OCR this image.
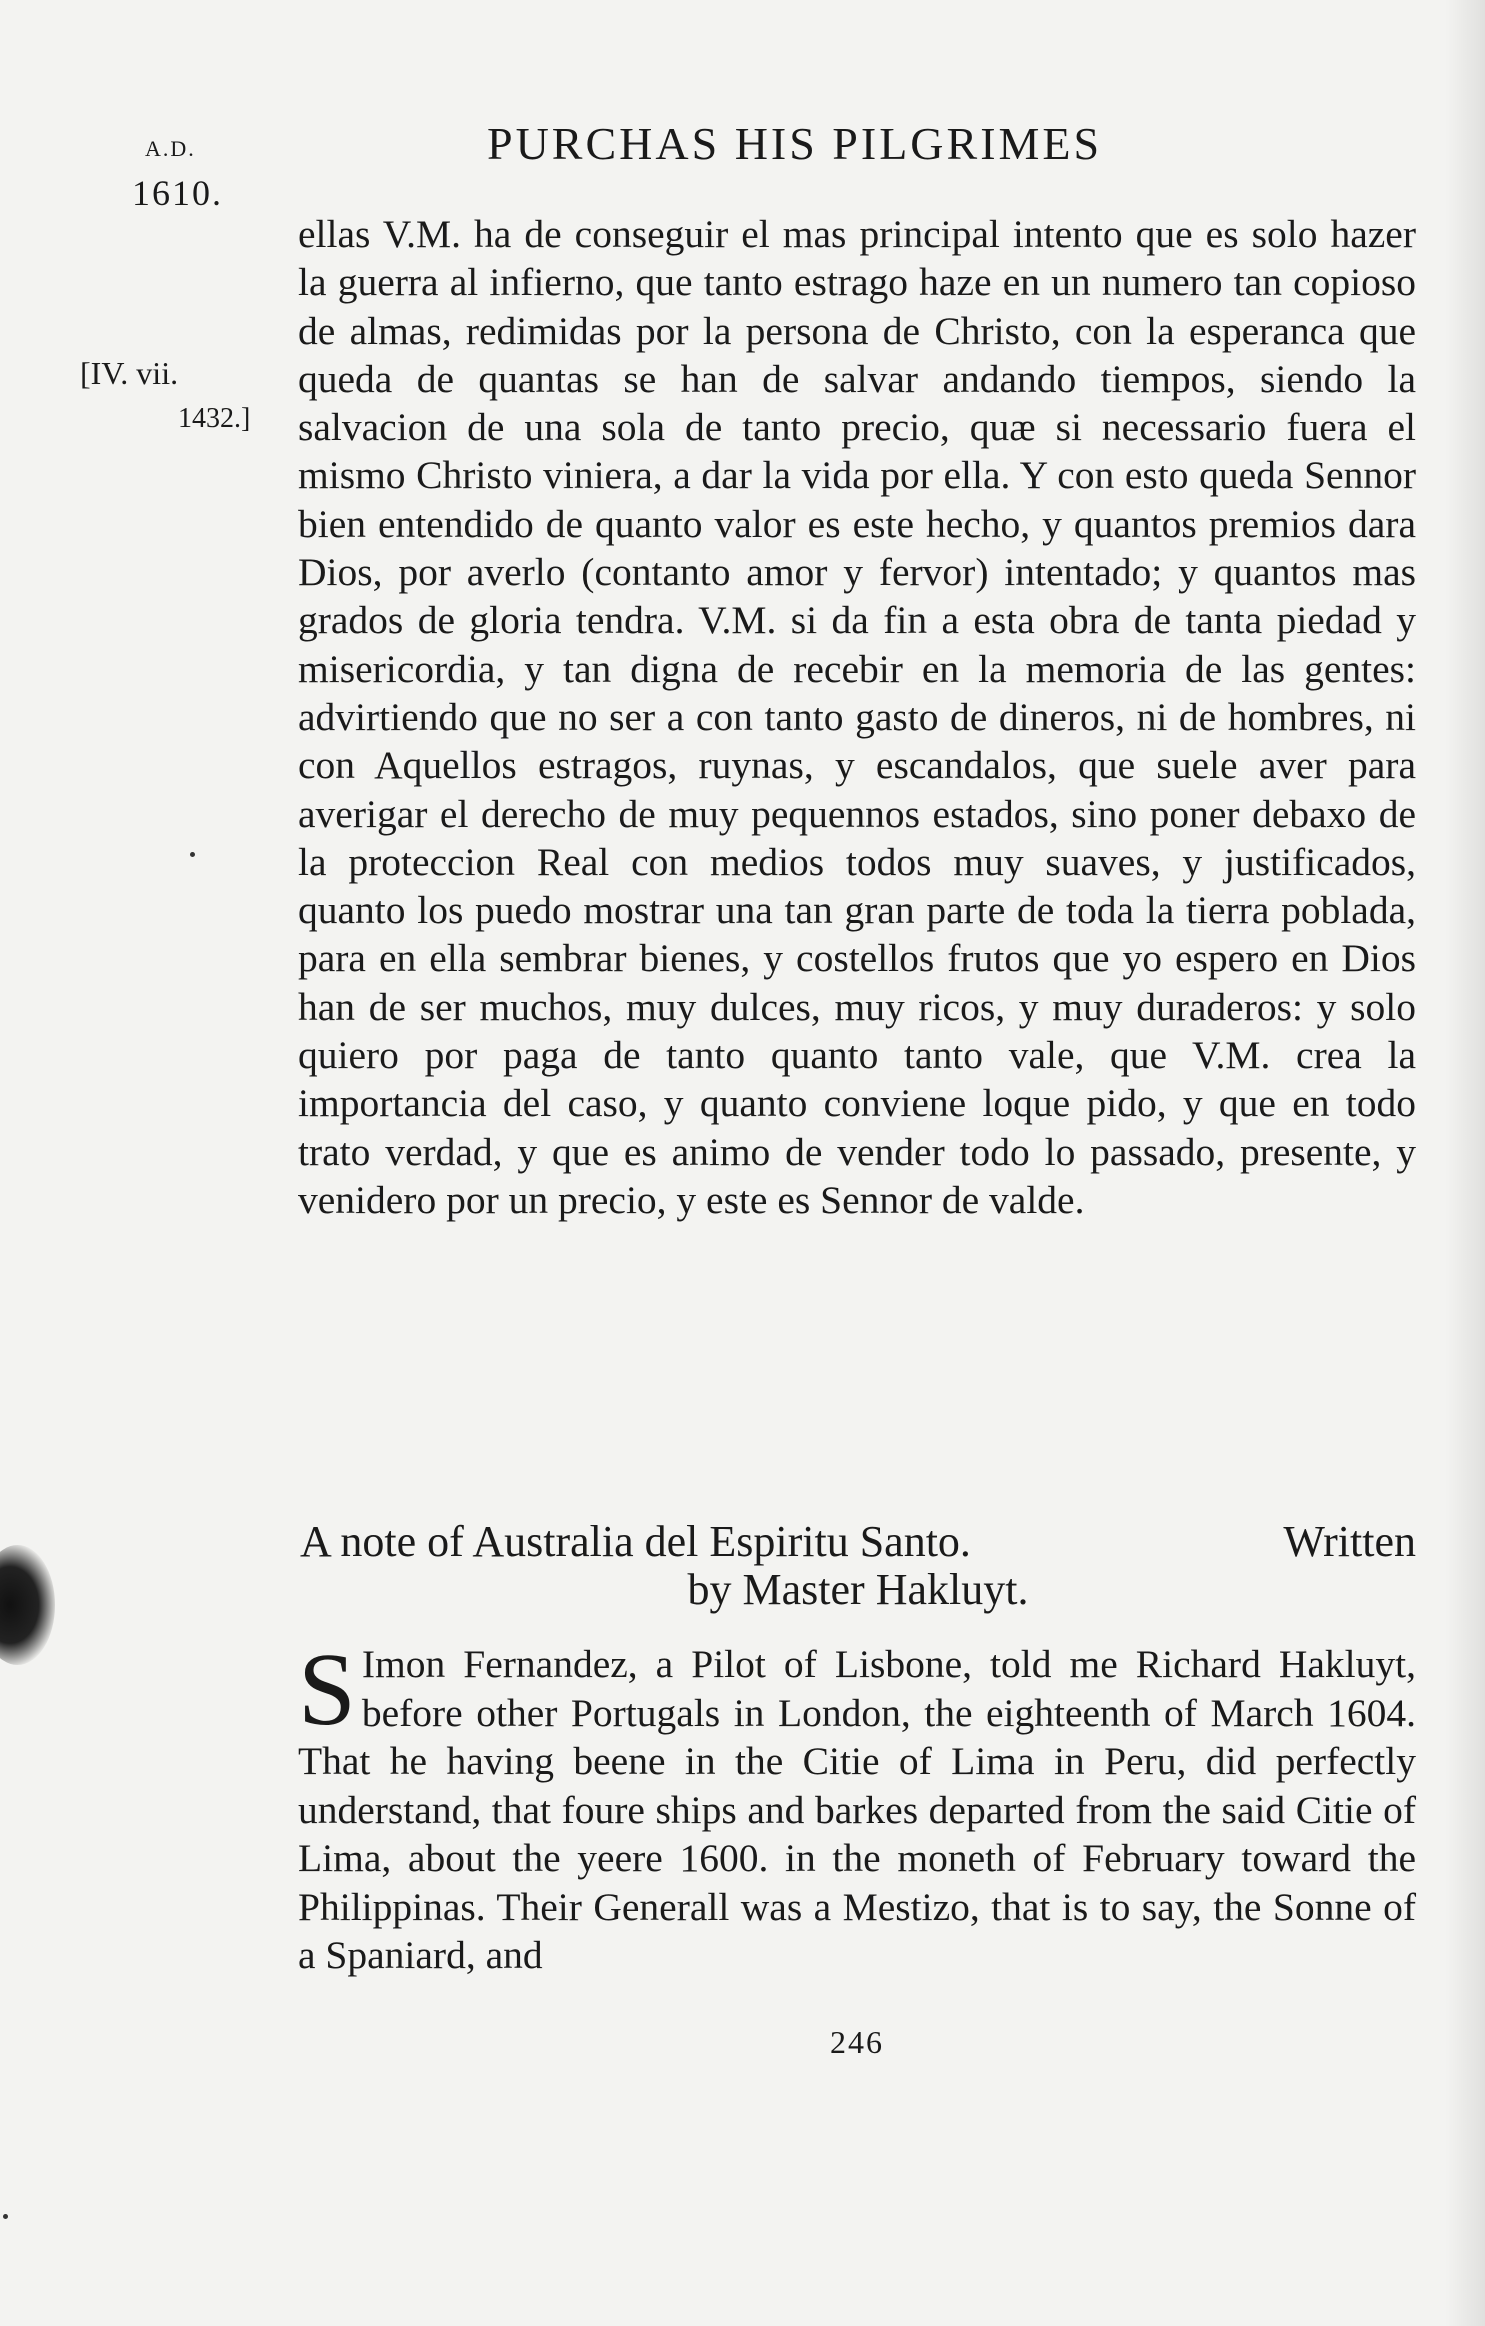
A.D.
1610.
PURCHAS HIS PILGRIMES
[IV. vii.
1432.]
ellas V.M. ha de conseguir el mas principal intento que es solo hazer la guerra al infierno, que tanto estrago haze en un numero tan copioso de almas, redimidas por la persona de Christo, con la esperanca que queda de quantas se han de salvar andando tiempos, siendo la salvacion de una sola de tanto precio, quæ si necessario fuera el mismo Christo viniera, a dar la vida por ella. Y con esto queda Sennor bien entendido de quanto valor es este hecho, y quantos premios dara Dios, por averlo (contanto amor y fervor) intentado; y quantos mas grados de gloria tendra. V.M. si da fin a esta obra de tanta piedad y misericordia, y tan digna de recebir en la memoria de las gentes: advirtiendo que no ser a con tanto gasto de dineros, ni de hombres, ni con Aquellos estragos, ruynas, y escandalos, que suele aver para averigar el derecho de muy pequennos estados, sino poner debaxo de la proteccion Real con medios todos muy suaves, y justificados, quanto los puedo mostrar una tan gran parte de toda la tierra poblada, para en ella sembrar bienes, y costellos frutos que yo espero en Dios han de ser muchos, muy dulces, muy ricos, y muy duraderos: y solo quiero por paga de tanto quanto tanto vale, que V.M. crea la importancia del caso, y quanto conviene loque pido, y que en todo trato verdad, y que es animo de vender todo lo passado, presente, y venidero por un precio, y este es Sennor de valde.
A note of Australia del Espiritu Santo.	Written
by Master Hakluyt.
S Imon Fernandez, a Pilot of Lisbone, told me Richard Hakluyt, before other Portugals in London, the eighteenth of March 1604. That he having beene in the Citie of Lima in Peru, did perfectly understand, that foure ships and barkes departed from the said Citie of Lima, about the yeere 1600. in the moneth of February toward the Philippinas. Their Generall was a Mestizo, that is to say, the Sonne of a Spaniard, and
246
